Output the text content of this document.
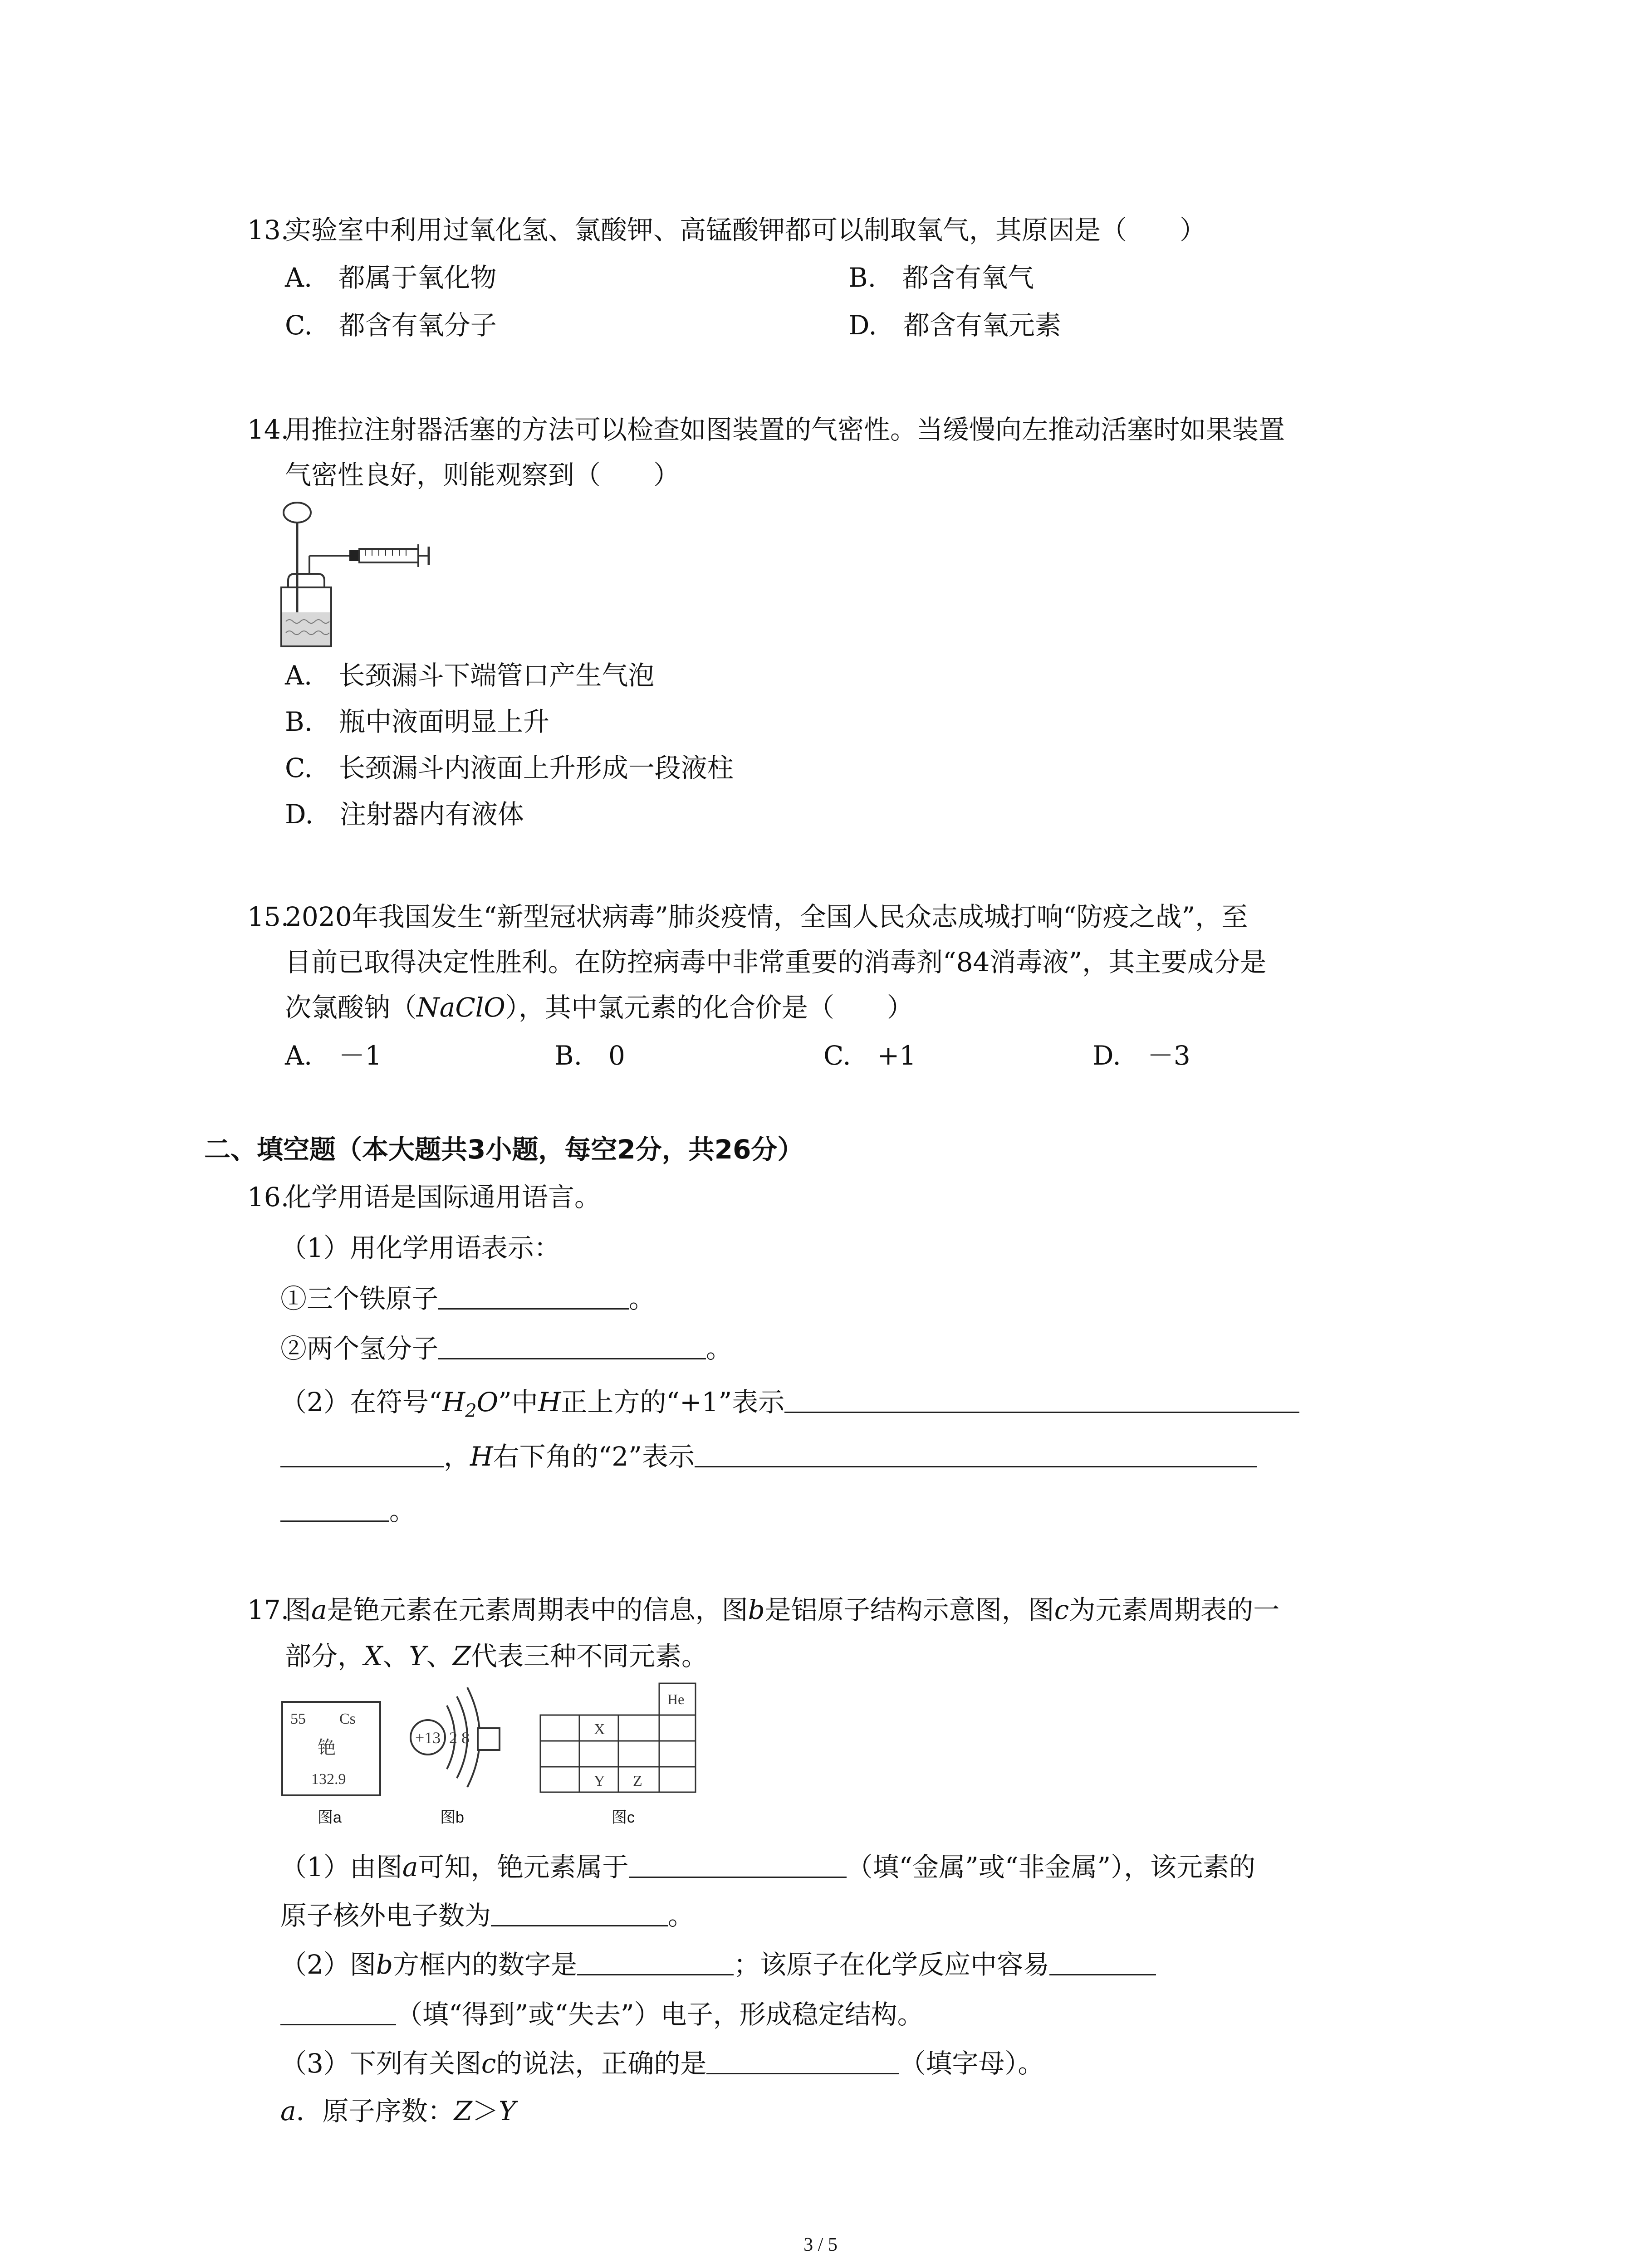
13.
实验室中利用过氧化氢、氯酸钾、高锰酸钾都可以制取氧气，其原因是（　　）
A.　都属于氧化物	B.　都含有氧气
C.　都含有氧分子	D.　都含有氧元素
14.
用推拉注射器活塞的方法可以检查如图装置的气密性。当缓慢向左推动活塞时如果装置
气密性良好，则能观察到（　　）
A.　长颈漏斗下端管口产生气泡
B.　瓶中液面明显上升
C.　长颈漏斗内液面上升形成一段液柱
D.　注射器内有液体
15.
2020年我国发生“新型冠状病毒”肺炎疫情，全国人民众志成城打响“防疫之战”，至
目前已取得决定性胜利。在防控病毒中非常重要的消毒剂“84消毒液”，其主要成分是
次氯酸钠（NaClO），其中氯元素的化合价是（　　）
A.　－1	B.　0	C.　+1	D.　－3
二、填空题（本大题共3小题，每空2分，共26分）
16.
化学用语是国际通用语言。
（1）用化学用语表示：
①三个铁原子	。
②两个氢分子	。
（2）在符号“$H_2O$”中H正上方的“+1”表示
，H右下角的“2”表示
。
17.
图a是铯元素在元素周期表中的信息，图b是铝原子结构示意图，图c为元素周期表的一
部分，X、Y、Z代表三种不同元素。
55 Cs
铯
132.9
+13 2 8
He
X
Y Z
图a	图b	图c
（1）由图a可知，铯元素属于	（填“金属”或“非金属”），该元素的
原子核外电子数为	。
（2）图b方框内的数字是	；该原子在化学反应中容易
（填“得到”或“失去”）电子，形成稳定结构。
（3）下列有关图c的说法，正确的是	（填字母）。
a．原子序数：Z＞Y
3 / 5
